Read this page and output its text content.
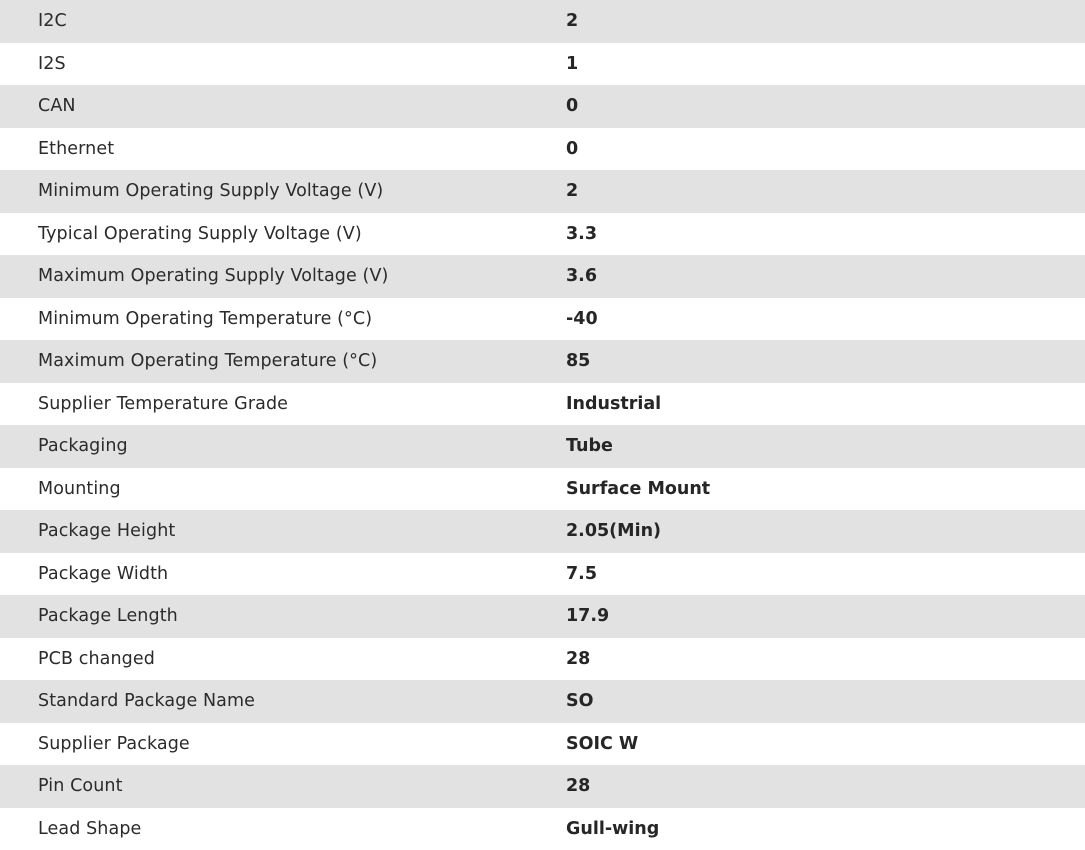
I2C	2
I2S	1
CAN	0
Ethernet	0
Minimum Operating Supply Voltage (V)	2
Typical Operating Supply Voltage (V)	3.3
Maximum Operating Supply Voltage (V)	3.6
Minimum Operating Temperature (°C)	-40
Maximum Operating Temperature (°C)	85
Supplier Temperature Grade	Industrial
Packaging	Tube
Mounting	Surface Mount
Package Height	2.05(Min)
Package Width	7.5
Package Length	17.9
PCB changed	28
Standard Package Name	SO
Supplier Package	SOIC W
Pin Count	28
Lead Shape	Gull-wing
